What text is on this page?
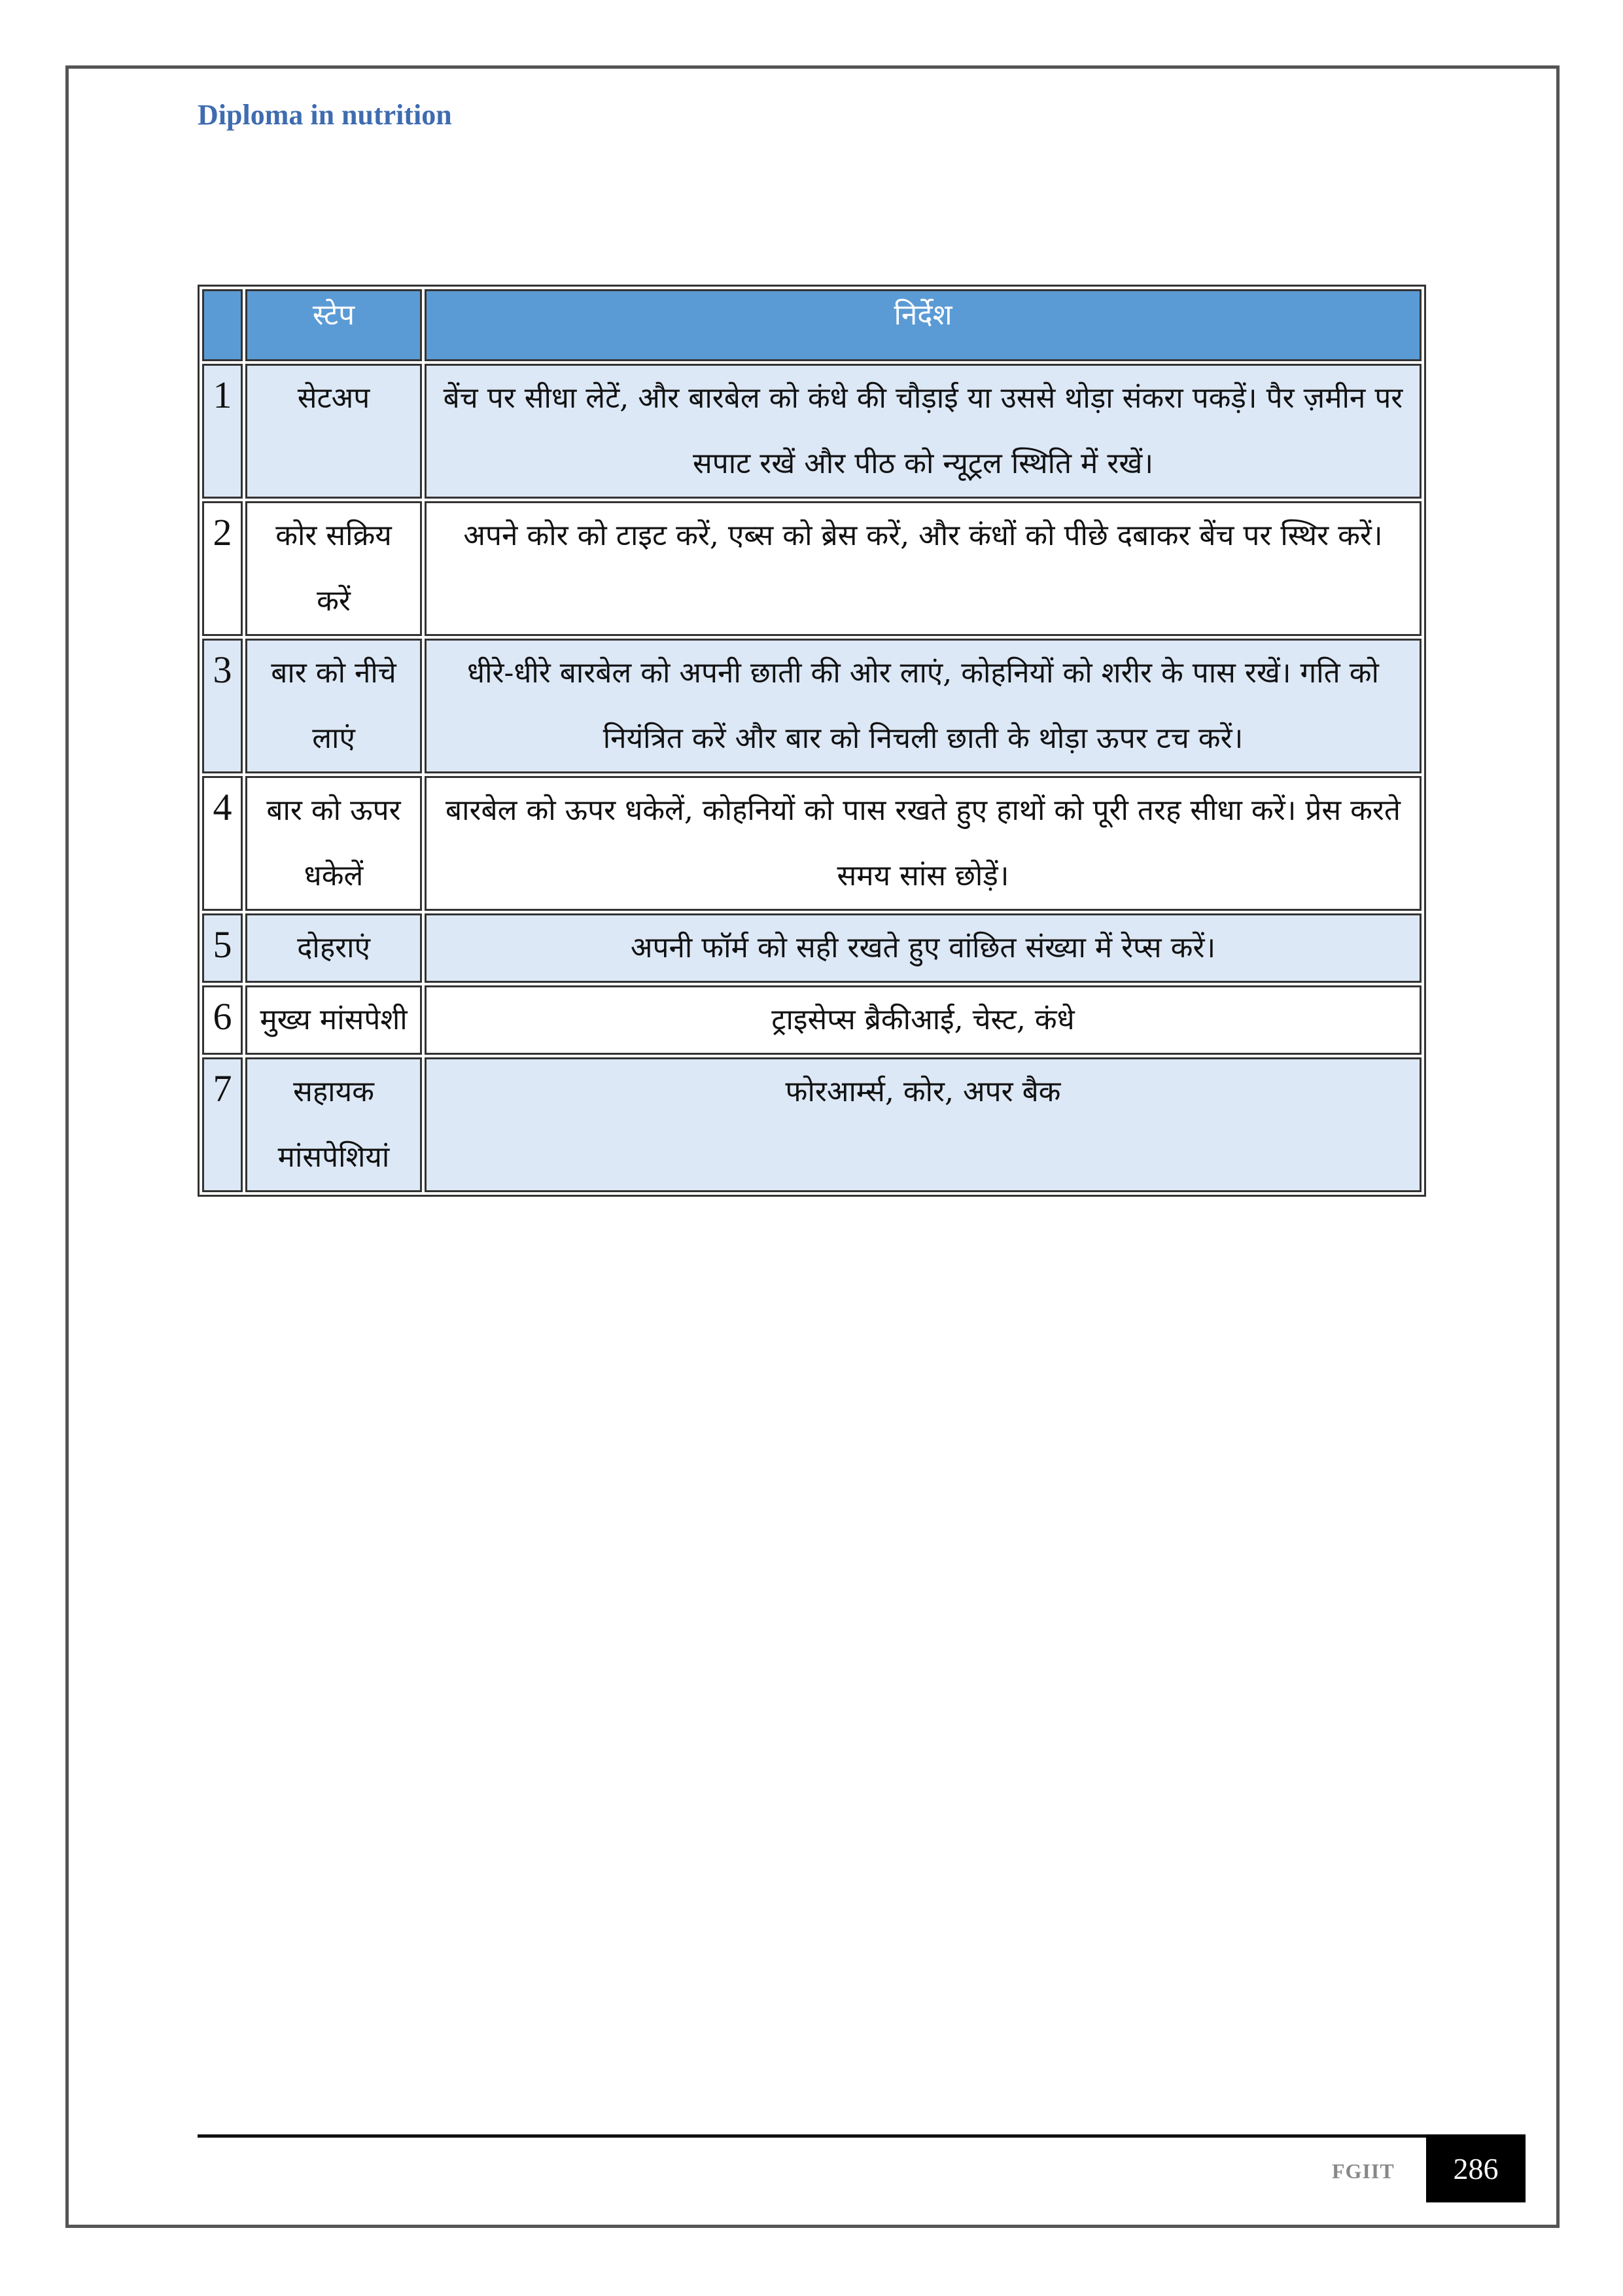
Diploma in nutrition
	स्टेप	निर्देश
1	सेटअप	बेंच पर सीधा लेटें, और बारबेल को कंधे की चौड़ाई या उससे थोड़ा संकरा पकड़ें। पैर ज़मीन पर सपाट रखें और पीठ को न्यूट्रल स्थिति में रखें।
2	कोर सक्रिय करें	अपने कोर को टाइट करें, एब्स को ब्रेस करें, और कंधों को पीछे दबाकर बेंच पर स्थिर करें।
3	बार को नीचे लाएं	धीरे-धीरे बारबेल को अपनी छाती की ओर लाएं, कोहनियों को शरीर के पास रखें। गति को नियंत्रित करें और बार को निचली छाती के थोड़ा ऊपर टच करें।
4	बार को ऊपर धकेलें	बारबेल को ऊपर धकेलें, कोहनियों को पास रखते हुए हाथों को पूरी तरह सीधा करें। प्रेस करते समय सांस छोड़ें।
5	दोहराएं	अपनी फॉर्म को सही रखते हुए वांछित संख्या में रेप्स करें।
6	मुख्य मांसपेशी	ट्राइसेप्स ब्रैकीआई, चेस्ट, कंधे
7	सहायक मांसपेशियां	फोरआर्म्स, कोर, अपर बैक
FGIIT 286
